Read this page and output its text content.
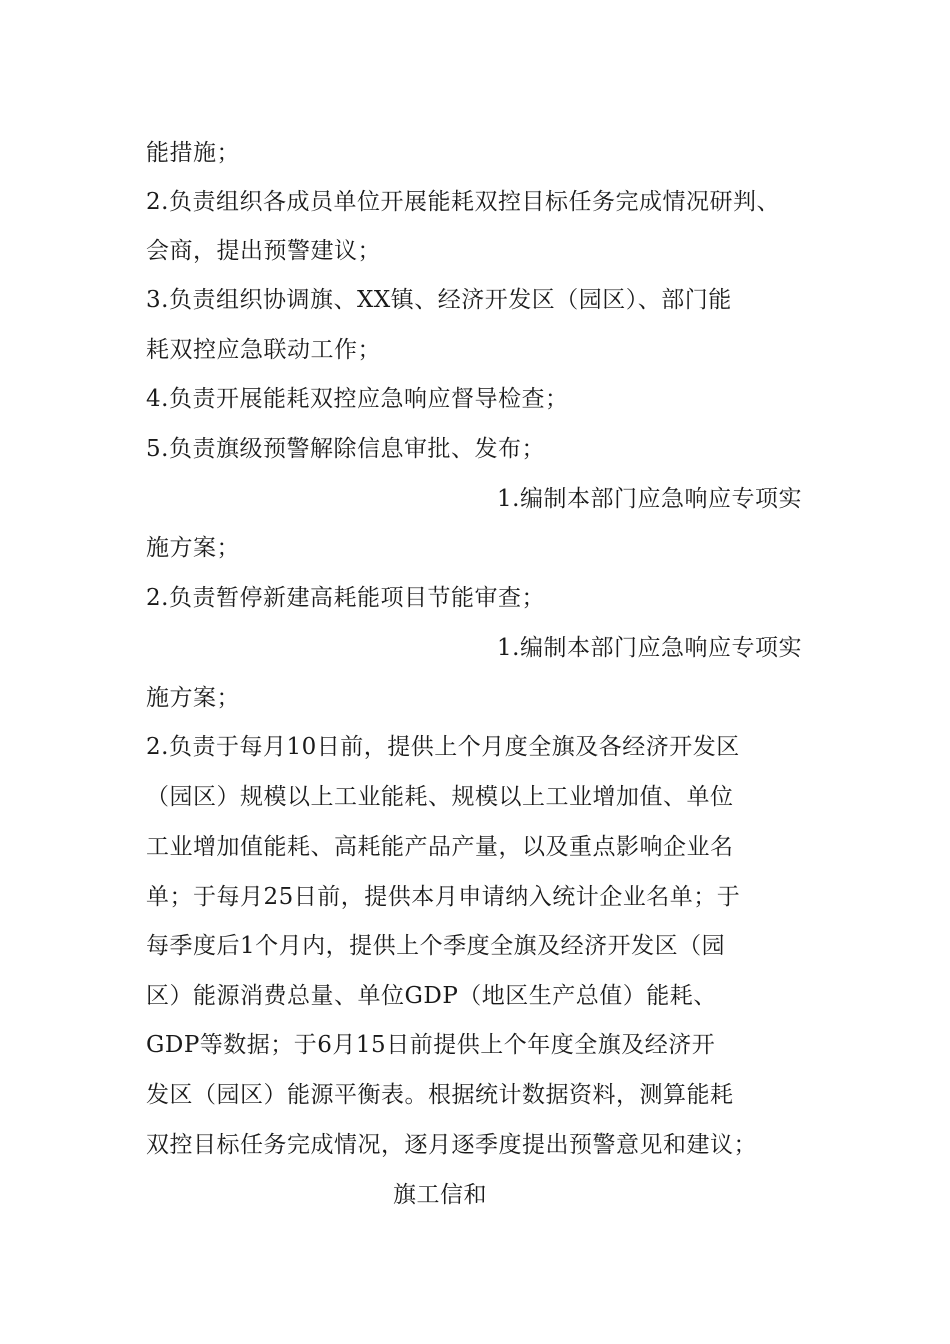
能措施；
2.负责组织各成员单位开展能耗双控目标任务完成情况研判、
会商，提出预警建议；
3.负责组织协调旗、XX镇、经济开发区（园区）、部门能
耗双控应急联动工作；
4.负责开展能耗双控应急响应督导检查；
5.负责旗级预警解除信息审批、发布；
1.编制本部门应急响应专项实
施方案；
2.负责暂停新建高耗能项目节能审查；
1.编制本部门应急响应专项实
施方案；
2.负责于每月10日前，提供上个月度全旗及各经济开发区
（园区）规模以上工业能耗、规模以上工业增加值、单位
工业增加值能耗、高耗能产品产量，以及重点影响企业名
单；于每月25日前，提供本月申请纳入统计企业名单；于
每季度后1个月内，提供上个季度全旗及经济开发区（园
区）能源消费总量、单位GDP（地区生产总值）能耗、
GDP等数据；于6月15日前提供上个年度全旗及经济开
发区（园区）能源平衡表。根据统计数据资料，测算能耗
双控目标任务完成情况，逐月逐季度提出预警意见和建议；
旗工信和
